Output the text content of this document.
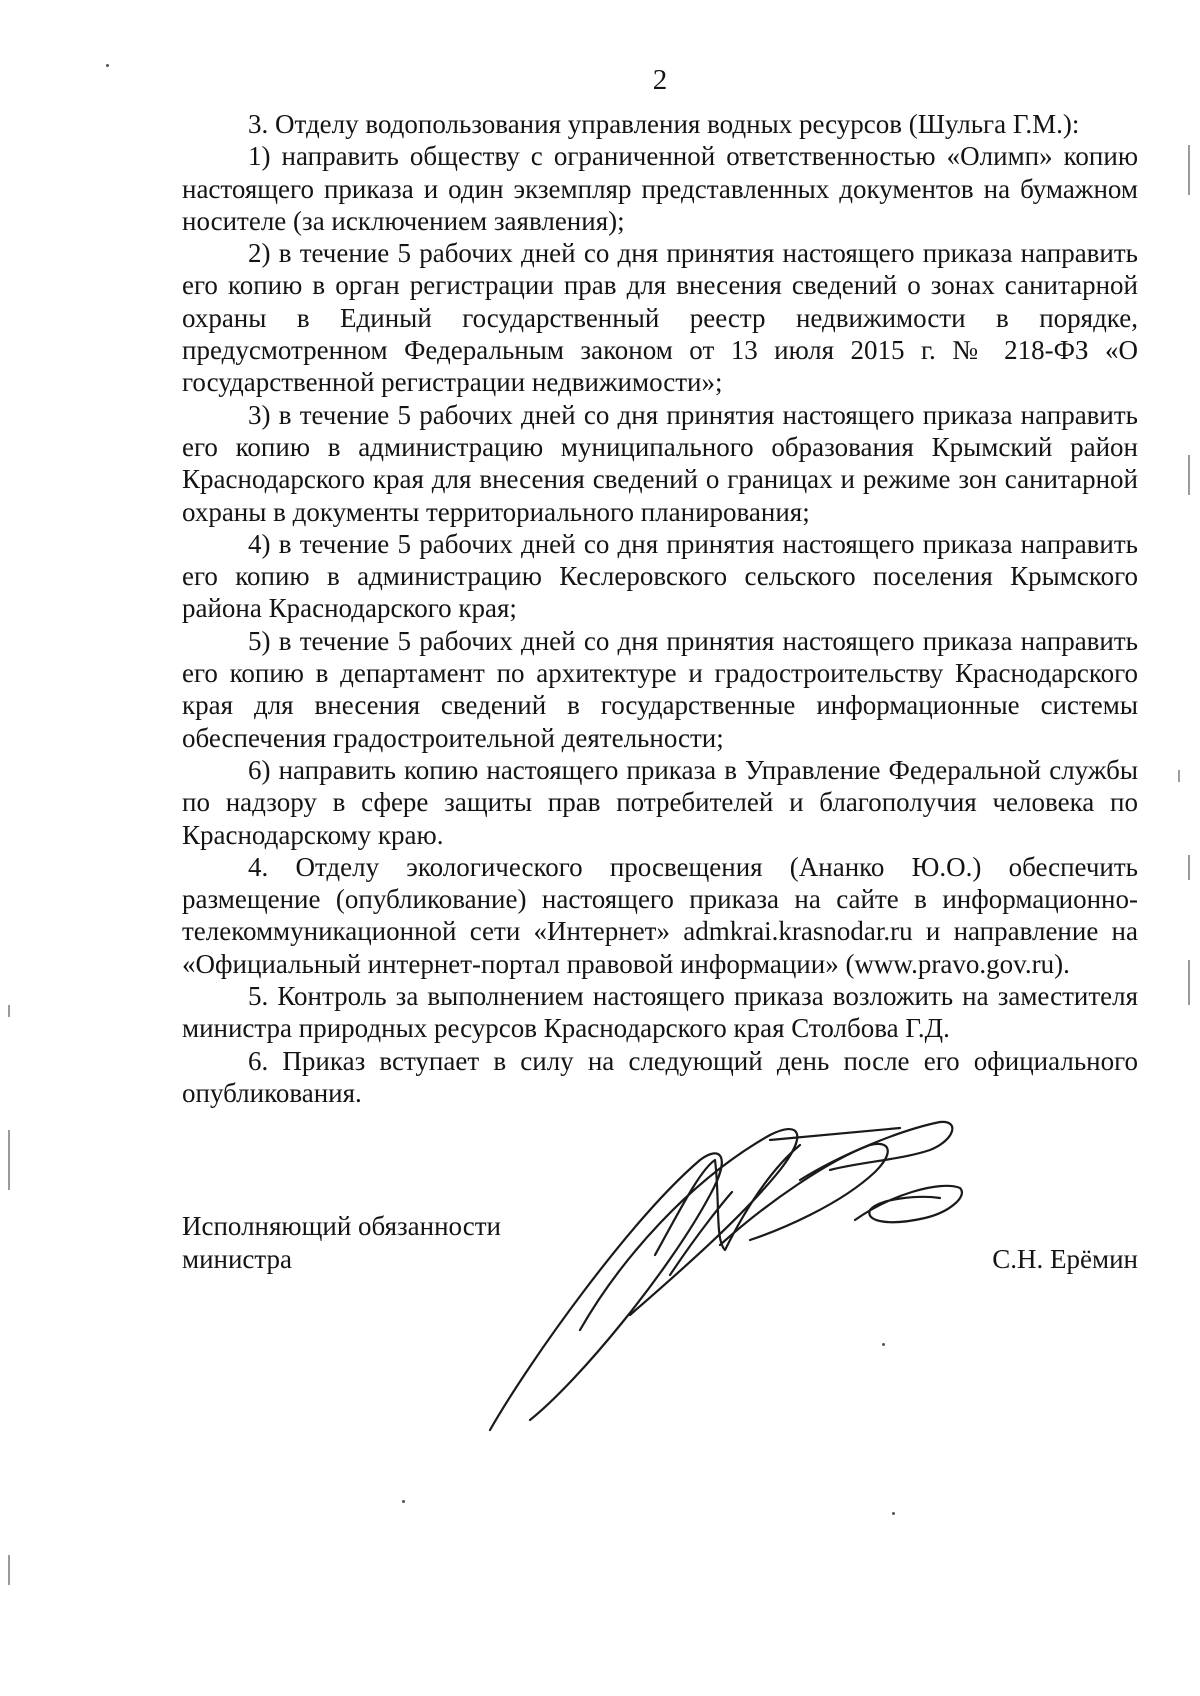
2

3. Отделу водопользования управления водных ресурсов (Шульга Г.М.):

1) направить обществу с ограниченной ответственностью «Олимп» копию настоящего приказа и один экземпляр представленных документов на бумажном носителе (за исключением заявления);

2) в течение 5 рабочих дней со дня принятия настоящего приказа направить его копию в орган регистрации прав для внесения сведений о зонах санитарной охраны в Единый государственный реестр недвижимости в порядке, предусмотренном Федеральным законом от 13 июля 2015 г. № 218-ФЗ «О государственной регистрации недвижимости»;

3) в течение 5 рабочих дней со дня принятия настоящего приказа направить его копию в администрацию муниципального образования Крымский район Краснодарского края для внесения сведений о границах и режиме зон санитарной охраны в документы территориального планирования;

4) в течение 5 рабочих дней со дня принятия настоящего приказа направить его копию в администрацию Кеслеровского сельского поселения Крымского района Краснодарского края;

5) в течение 5 рабочих дней со дня принятия настоящего приказа направить его копию в департамент по архитектуре и градостроительству Краснодарского края для внесения сведений в государственные информационные системы обеспечения градостроительной деятельности;

6) направить копию настоящего приказа в Управление Федеральной службы по надзору в сфере защиты прав потребителей и благополучия человека по Краснодарскому краю.

4. Отделу экологического просвещения (Ананко Ю.О.) обеспечить размещение (опубликование) настоящего приказа на сайте в информационно-телекоммуникационной сети «Интернет» admkrai.krasnodar.ru и направление на «Официальный интернет-портал правовой информации» (www.pravo.gov.ru).

5. Контроль за выполнением настоящего приказа возложить на заместителя министра природных ресурсов Краснодарского края Столбова Г.Д.

6. Приказ вступает в силу на следующий день после его официального опубликования.

Исполняющий обязанности
министра	С.Н. Ерёмин
